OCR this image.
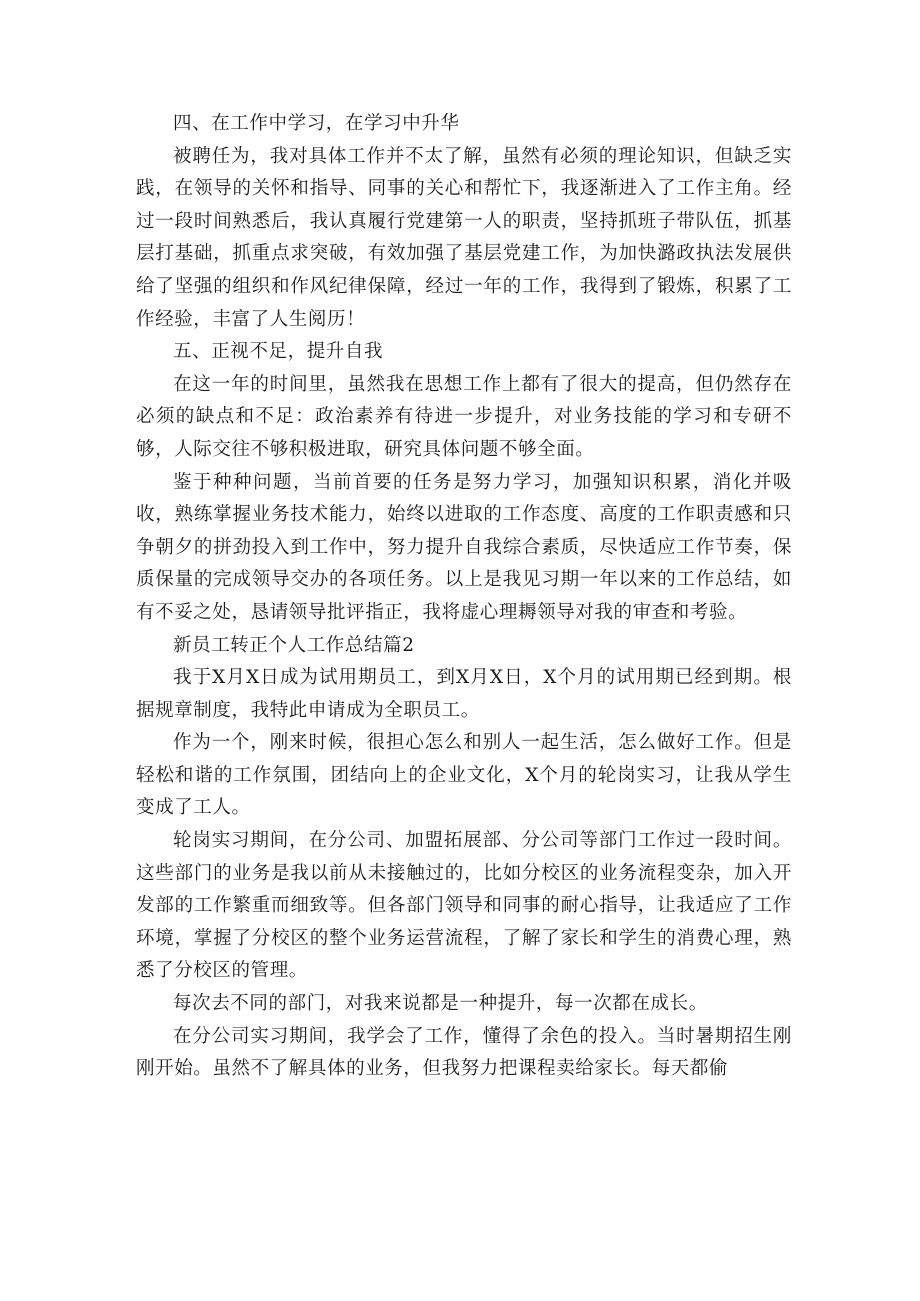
四、在工作中学习，在学习中升华

被聘任为，我对具体工作并不太了解，虽然有必须的理论知识，但缺乏实践，在领导的关怀和指导、同事的关心和帮忙下，我逐渐进入了工作主角。经过一段时间熟悉后，我认真履行党建第一人的职责，坚持抓班子带队伍，抓基层打基础，抓重点求突破，有效加强了基层党建工作，为加快潞政执法发展供给了坚强的组织和作风纪律保障，经过一年的工作，我得到了锻炼，积累了工作经验，丰富了人生阅历！

五、正视不足，提升自我

在这一年的时间里，虽然我在思想工作上都有了很大的提高，但仍然存在必须的缺点和不足：政治素养有待进一步提升，对业务技能的学习和专研不够，人际交往不够积极进取，研究具体问题不够全面。

鉴于种种问题，当前首要的任务是努力学习，加强知识积累，消化并吸收，熟练掌握业务技术能力，始终以进取的工作态度、高度的工作职责感和只争朝夕的拼劲投入到工作中，努力提升自我综合素质，尽快适应工作节奏，保质保量的完成领导交办的各项任务。以上是我见习期一年以来的工作总结，如有不妥之处，恳请领导批评指正，我将虚心理耨领导对我的审查和考验。

新员工转正个人工作总结篇2

我于X月X日成为试用期员工，到X月X日，X个月的试用期已经到期。根据规章制度，我特此申请成为全职员工。

作为一个，刚来时候，很担心怎么和别人一起生活，怎么做好工作。但是轻松和谐的工作氛围，团结向上的企业文化，X个月的轮岗实习，让我从学生变成了工人。

轮岗实习期间，在分公司、加盟拓展部、分公司等部门工作过一段时间。这些部门的业务是我以前从未接触过的，比如分校区的业务流程变杂，加入开发部的工作繁重而细致等。但各部门领导和同事的耐心指导，让我适应了工作环境，掌握了分校区的整个业务运营流程，了解了家长和学生的消费心理，熟悉了分校区的管理。

每次去不同的部门，对我来说都是一种提升，每一次都在成长。

在分公司实习期间，我学会了工作，懂得了余色的投入。当时暑期招生刚刚开始。虽然不了解具体的业务，但我努力把课程卖给家长。每天都偷
